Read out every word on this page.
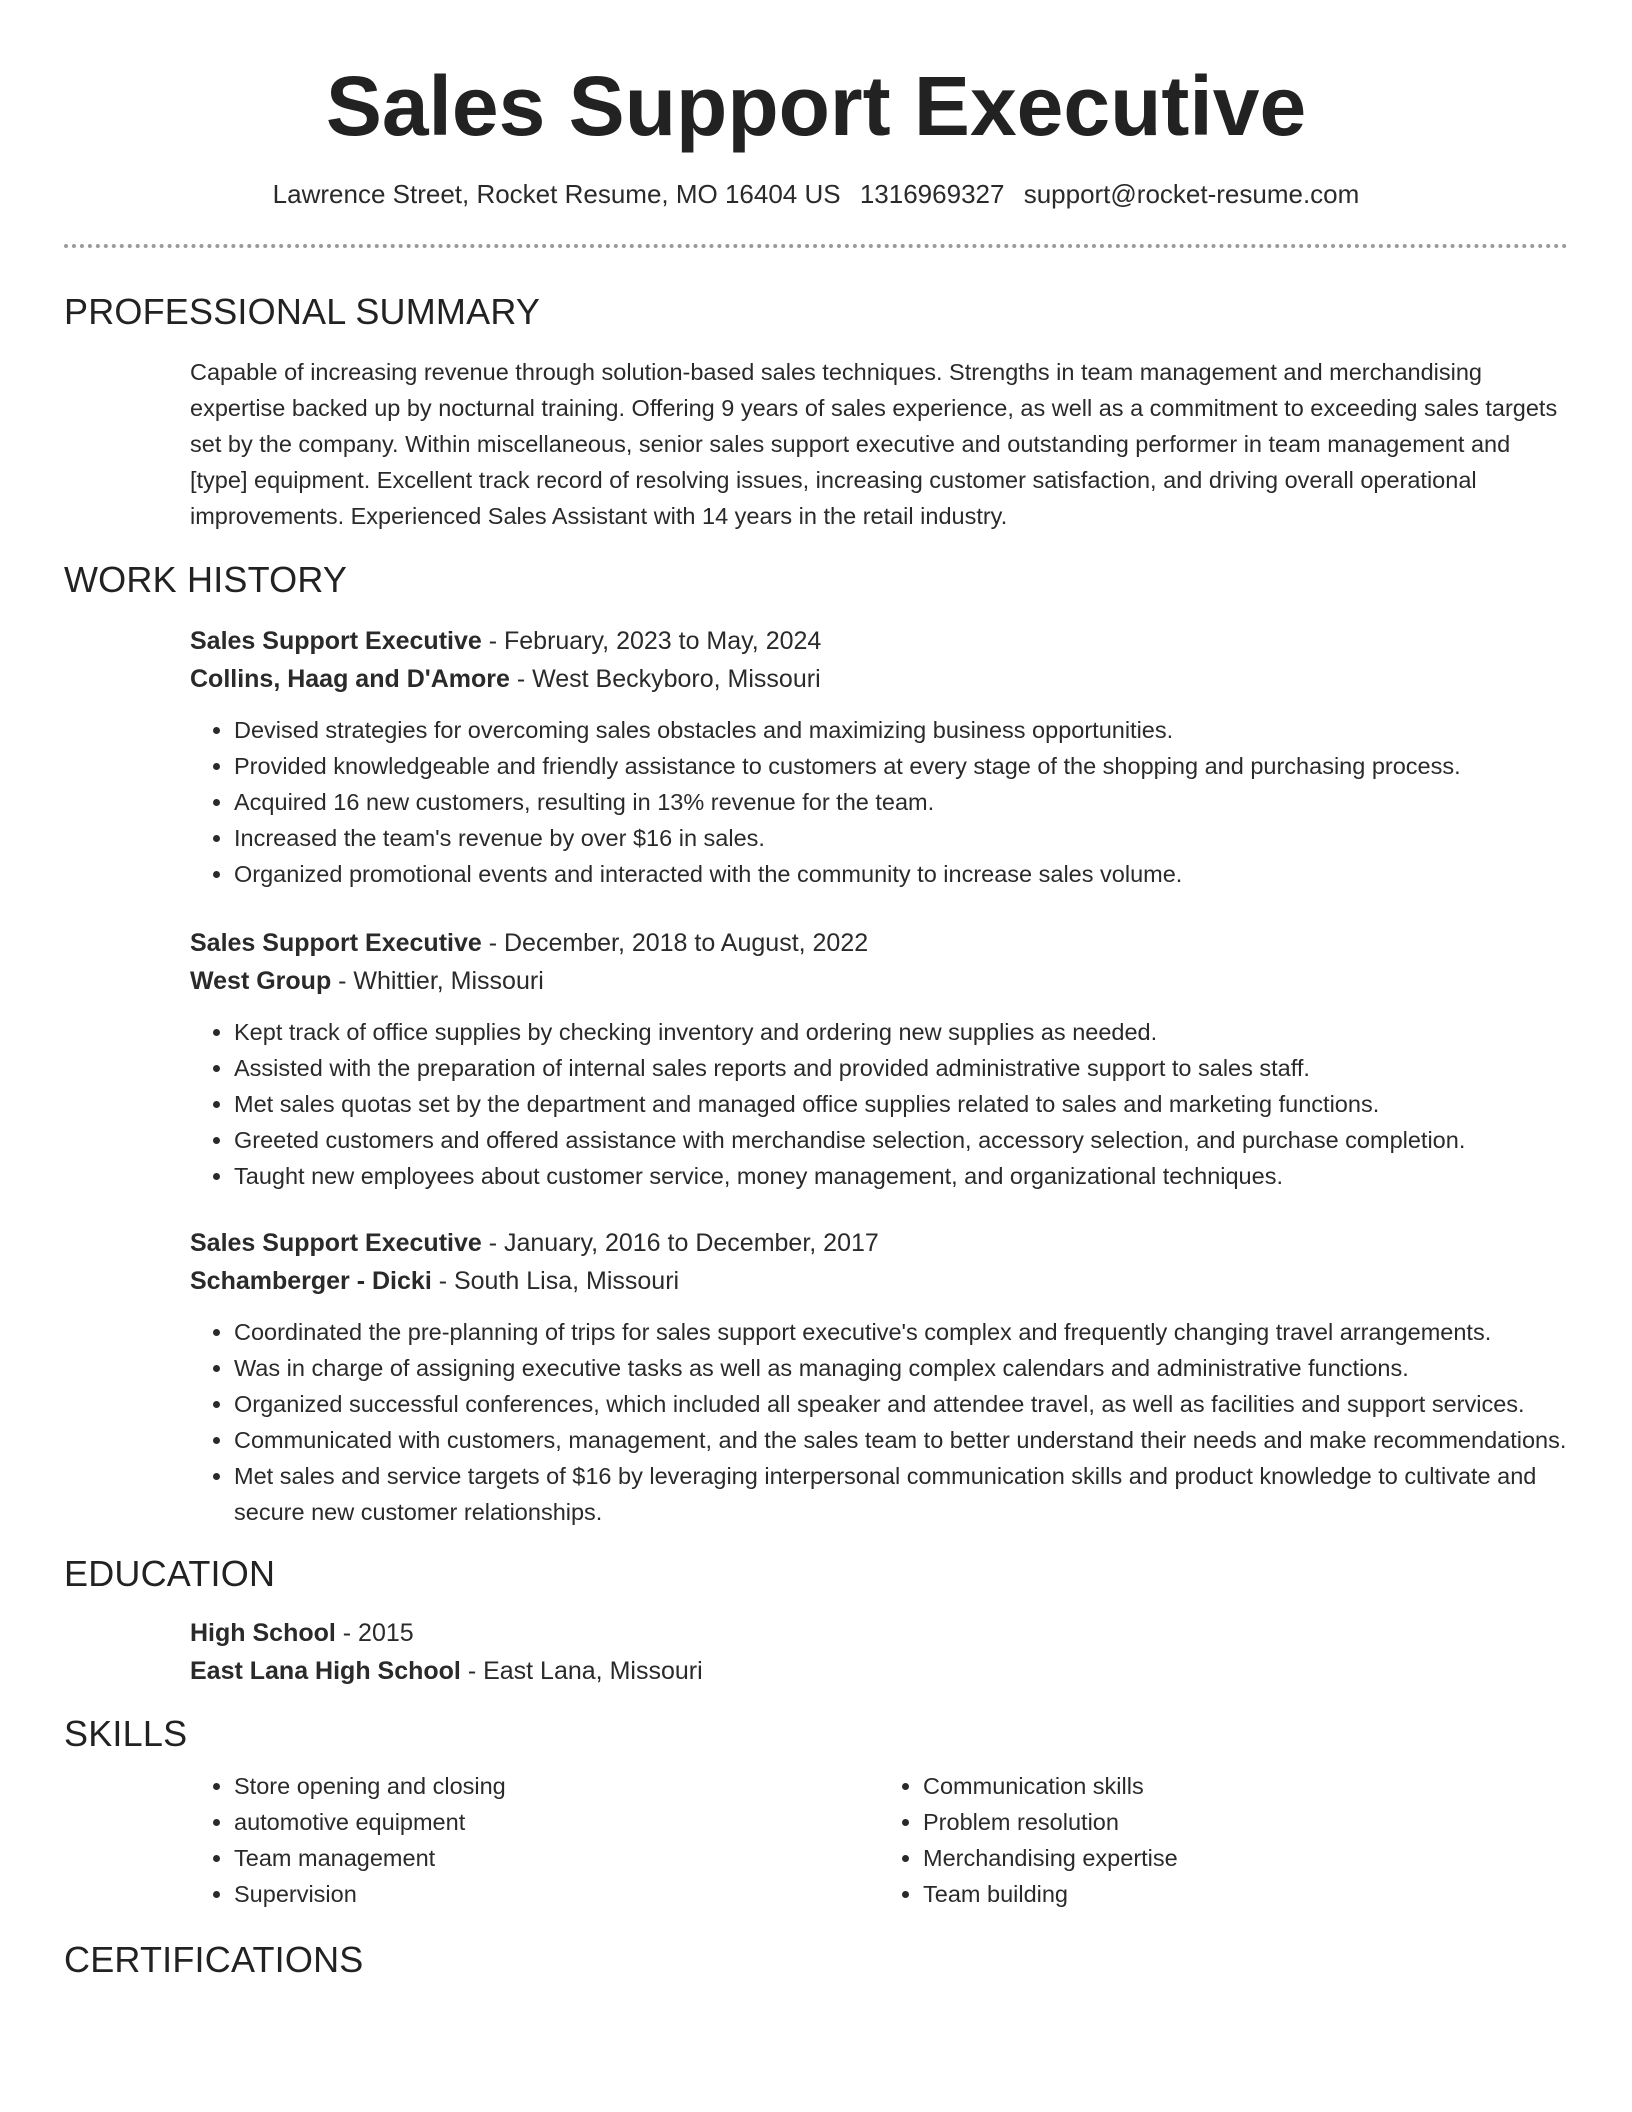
Sales Support Executive
Lawrence Street, Rocket Resume, MO 16404 US 1316969327 support@rocket-resume.com
PROFESSIONAL SUMMARY
Capable of increasing revenue through solution-based sales techniques. Strengths in team management and merchandising expertise backed up by nocturnal training. Offering 9 years of sales experience, as well as a commitment to exceeding sales targets set by the company. Within miscellaneous, senior sales support executive and outstanding performer in team management and [type] equipment. Excellent track record of resolving issues, increasing customer satisfaction, and driving overall operational improvements. Experienced Sales Assistant with 14 years in the retail industry.
WORK HISTORY
Sales Support Executive - February, 2023 to May, 2024
Collins, Haag and D'Amore - West Beckyboro, Missouri
• Devised strategies for overcoming sales obstacles and maximizing business opportunities.
• Provided knowledgeable and friendly assistance to customers at every stage of the shopping and purchasing process.
• Acquired 16 new customers, resulting in 13% revenue for the team.
• Increased the team's revenue by over $16 in sales.
• Organized promotional events and interacted with the community to increase sales volume.
Sales Support Executive - December, 2018 to August, 2022
West Group - Whittier, Missouri
• Kept track of office supplies by checking inventory and ordering new supplies as needed.
• Assisted with the preparation of internal sales reports and provided administrative support to sales staff.
• Met sales quotas set by the department and managed office supplies related to sales and marketing functions.
• Greeted customers and offered assistance with merchandise selection, accessory selection, and purchase completion.
• Taught new employees about customer service, money management, and organizational techniques.
Sales Support Executive - January, 2016 to December, 2017
Schamberger - Dicki - South Lisa, Missouri
• Coordinated the pre-planning of trips for sales support executive's complex and frequently changing travel arrangements.
• Was in charge of assigning executive tasks as well as managing complex calendars and administrative functions.
• Organized successful conferences, which included all speaker and attendee travel, as well as facilities and support services.
• Communicated with customers, management, and the sales team to better understand their needs and make recommendations.
• Met sales and service targets of $16 by leveraging interpersonal communication skills and product knowledge to cultivate and secure new customer relationships.
EDUCATION
High School - 2015
East Lana High School - East Lana, Missouri
SKILLS
• Store opening and closing
• automotive equipment
• Team management
• Supervision
• Communication skills
• Problem resolution
• Merchandising expertise
• Team building
CERTIFICATIONS
